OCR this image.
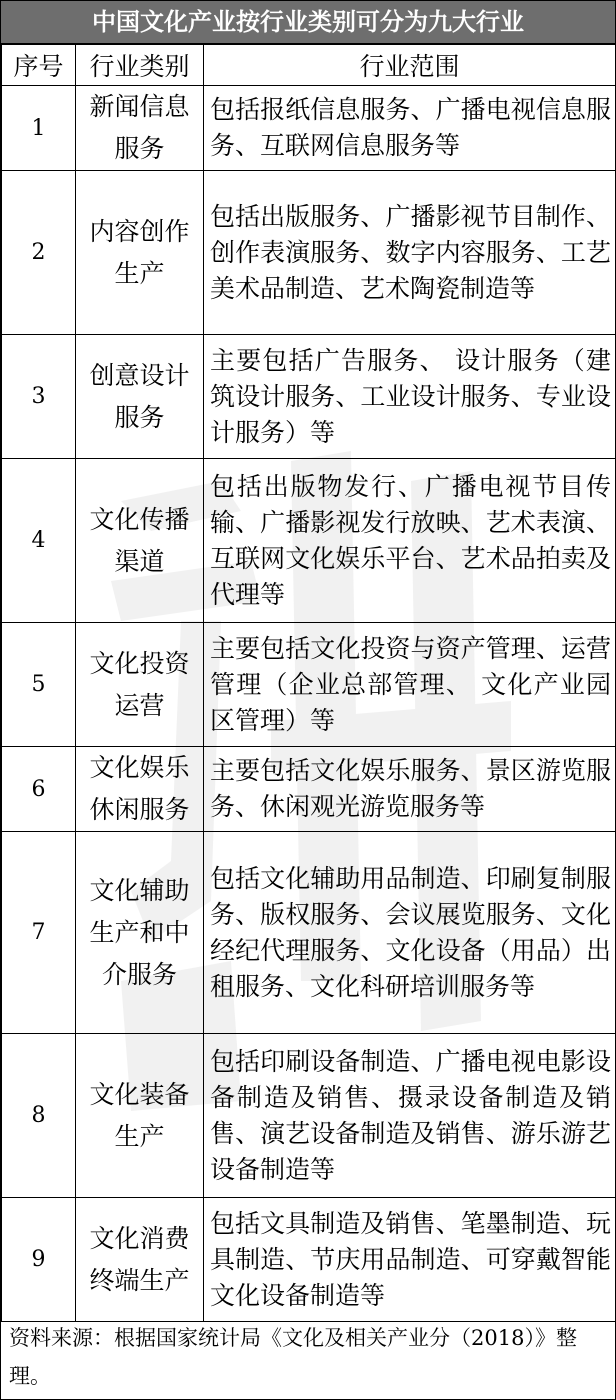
中国文化产业按行业类别可分为九大行业
序号	行业类别	行业范围
1	新闻信息服务	包括报纸信息服务、广播电视信息服务、互联网信息服务等
2	内容创作生产	包括出版服务、广播影视节目制作、创作表演服务、数字内容服务、工艺美术品制造、艺术陶瓷制造等
3	创意设计服务	主要包括广告服务、 设计服务（建筑设计服务、工业设计服务、专业设计服务）等
4	文化传播渠道	包括出版物发行、广播电视节目传输、广播影视发行放映、艺术表演、互联网文化娱乐平台、艺术品拍卖及代理等
5	文化投资运营	主要包括文化投资与资产管理、运营管理（企业总部管理、 文化产业园区管理）等
6	文化娱乐休闲服务	主要包括文化娱乐服务、景区游览服务、休闲观光游览服务等
7	文化辅助生产和中介服务	包括文化辅助用品制造、印刷复制服务、版权服务、会议展览服务、文化经纪代理服务、文化设备（用品）出租服务、文化科研培训服务等
8	文化装备生产	包括印刷设备制造、广播电视电影设备制造及销售、摄录设备制造及销售、演艺设备制造及销售、游乐游艺设备制造等
9	文化消费终端生产	包括文具制造及销售、笔墨制造、玩具制造、节庆用品制造、可穿戴智能文化设备制造等
资料来源：根据国家统计局《文化及相关产业分（2018）》整理。
